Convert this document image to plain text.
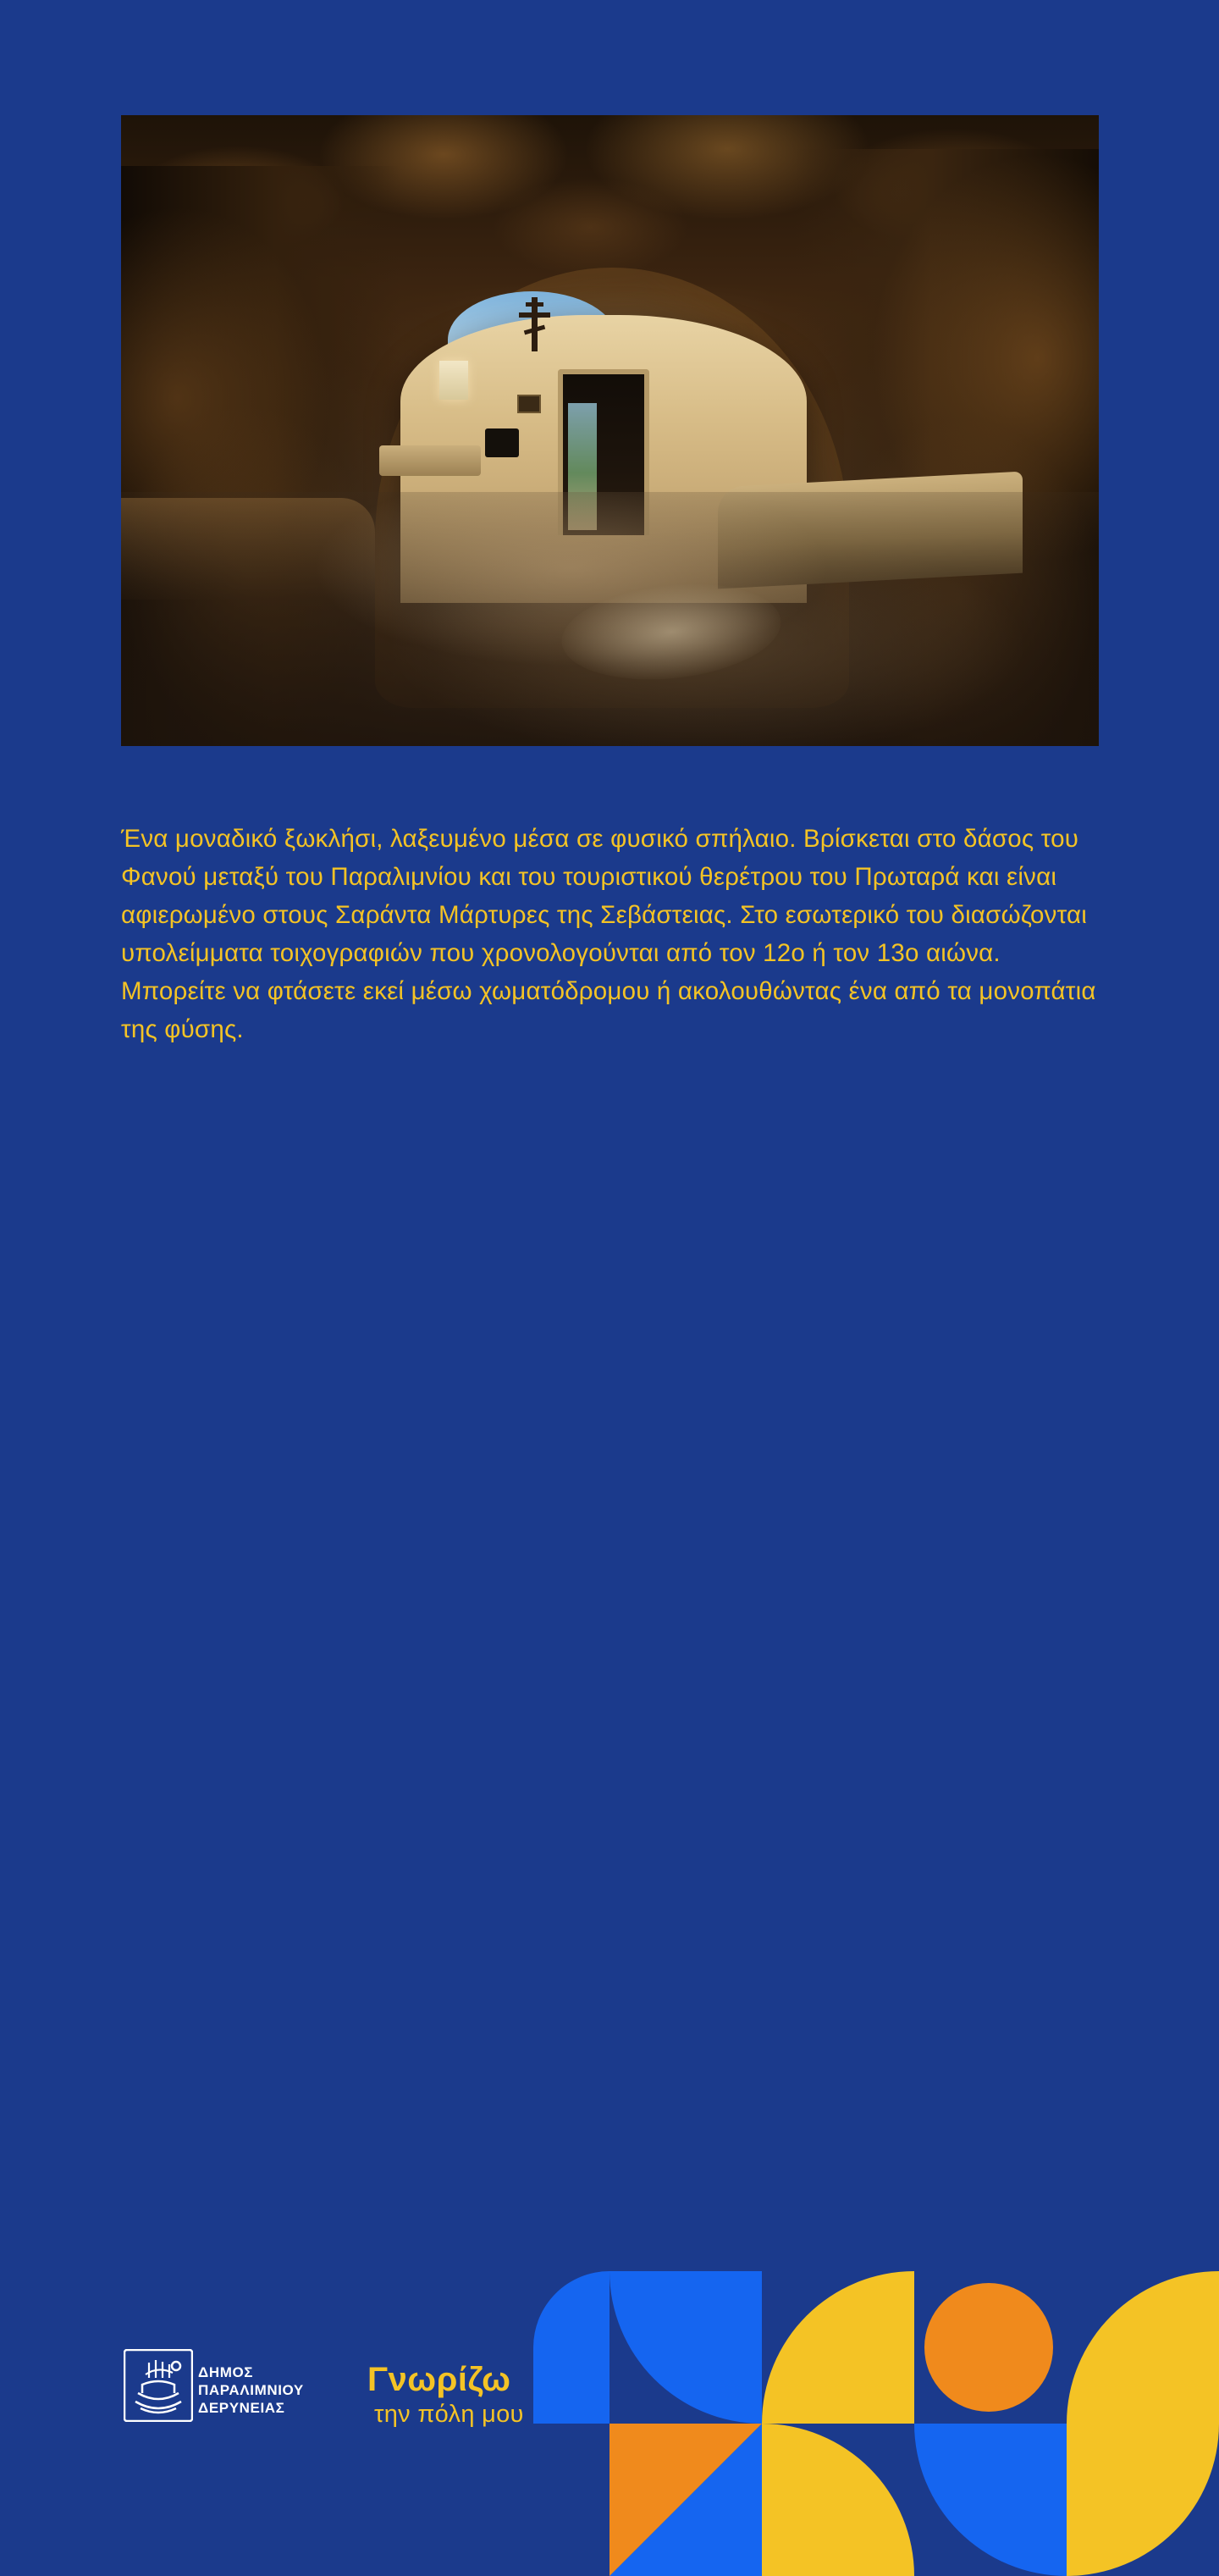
Ένα μοναδικό ξωκλήσι, λαξευμένο μέσα σε φυσικό σπήλαιο. Βρίσκεται στο δάσος του Φανού μεταξύ του Παραλιμνίου και του τουριστικού θερέτρου του Πρωταρά και είναι αφιερωμένο στους Σαράντα Μάρτυρες της Σεβάστειας. Στο εσωτερικό του διασώζονται υπολείμματα τοιχογραφιών που χρονολογούνται από τον 12ο ή τον 13ο αιώνα. Μπορείτε να φτάσετε εκεί μέσω χωματόδρομου ή ακολουθώντας ένα από τα μονοπάτια της φύσης.

ΔΗΜΟΣ
ΠΑΡΑΛΙΜΝΙΟΥ
ΔΕΡΥΝΕΙΑΣ
Γνωρίζω
την πόλη μου
